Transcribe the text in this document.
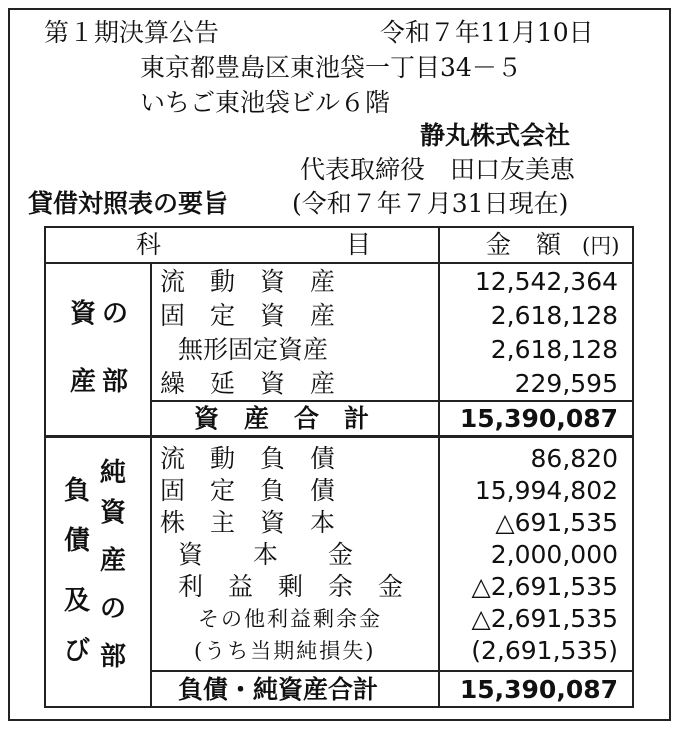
第１期決算公告	令和７年11月10日
東京都豊島区東池袋一丁目34－５
いちご東池袋ビル６階
静丸株式会社
代表取締役　田口友美恵
貸借対照表の要旨	(令和７年７月31日現在)
科	目	金　額 (円)
資の
産部
流　動　資　産	12,542,364
固　定　資　産	2,618,128
無形固定資産	2,618,128
繰　延　資　産	229,595
資　産　合　計	15,390,087
負
債
及
び
純
資
産
の
部
流　動　負　債	86,820
固　定　負　債	15,994,802
株　主　資　本	△691,535
資　　本　　金	2,000,000
利　益　剰　余　金	△2,691,535
その他利益剰余金	△2,691,535
(うち当期純損失)	(2,691,535)
負債・純資産合計	15,390,087
